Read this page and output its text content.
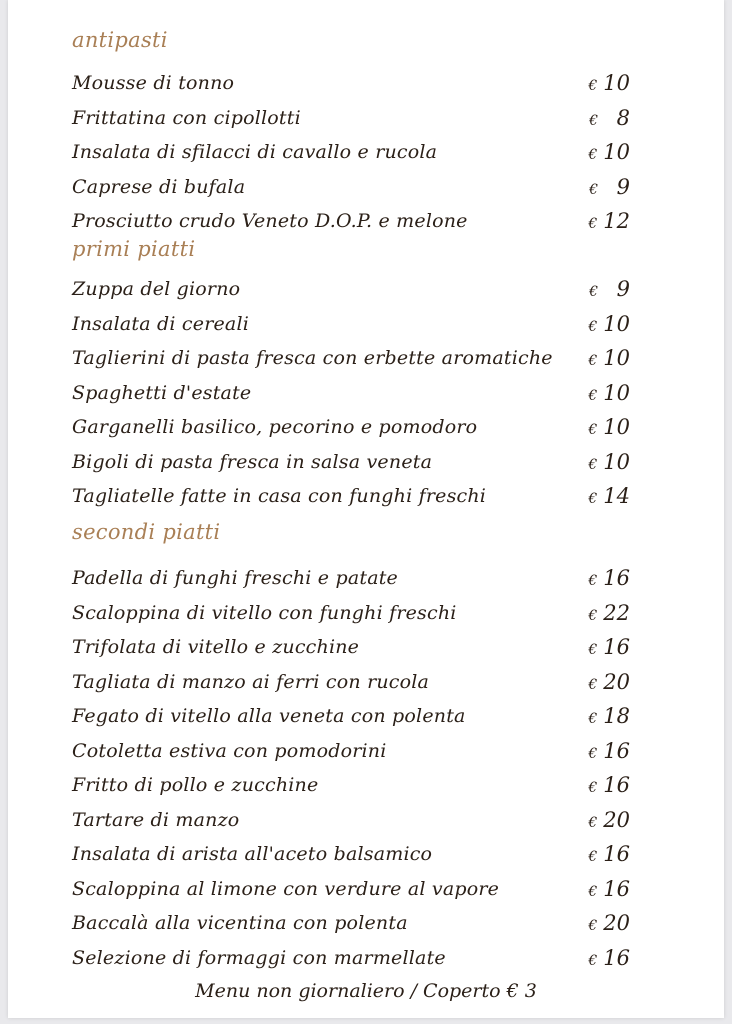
antipasti
Mousse di tonno	€ 10
Frittatina con cipollotti	€ 8
Insalata di sfilacci di cavallo e rucola	€ 10
Caprese di bufala	€ 9
Prosciutto crudo Veneto D.O.P. e melone	€ 12
primi piatti
Zuppa del giorno	€ 9
Insalata di cereali	€ 10
Taglierini di pasta fresca con erbette aromatiche	€ 10
Spaghetti d'estate	€ 10
Garganelli basilico, pecorino e pomodoro	€ 10
Bigoli di pasta fresca in salsa veneta	€ 10
Tagliatelle fatte in casa con funghi freschi	€ 14
secondi piatti
Padella di funghi freschi e patate	€ 16
Scaloppina di vitello con funghi freschi	€ 22
Trifolata di vitello e zucchine	€ 16
Tagliata di manzo ai ferri con rucola	€ 20
Fegato di vitello alla veneta con polenta	€ 18
Cotoletta estiva con pomodorini	€ 16
Fritto di pollo e zucchine	€ 16
Tartare di manzo	€ 20
Insalata di arista all'aceto balsamico	€ 16
Scaloppina al limone con verdure al vapore	€ 16
Baccalà alla vicentina con polenta	€ 20
Selezione di formaggi con marmellate	€ 16
Menu non giornaliero / Coperto € 3
